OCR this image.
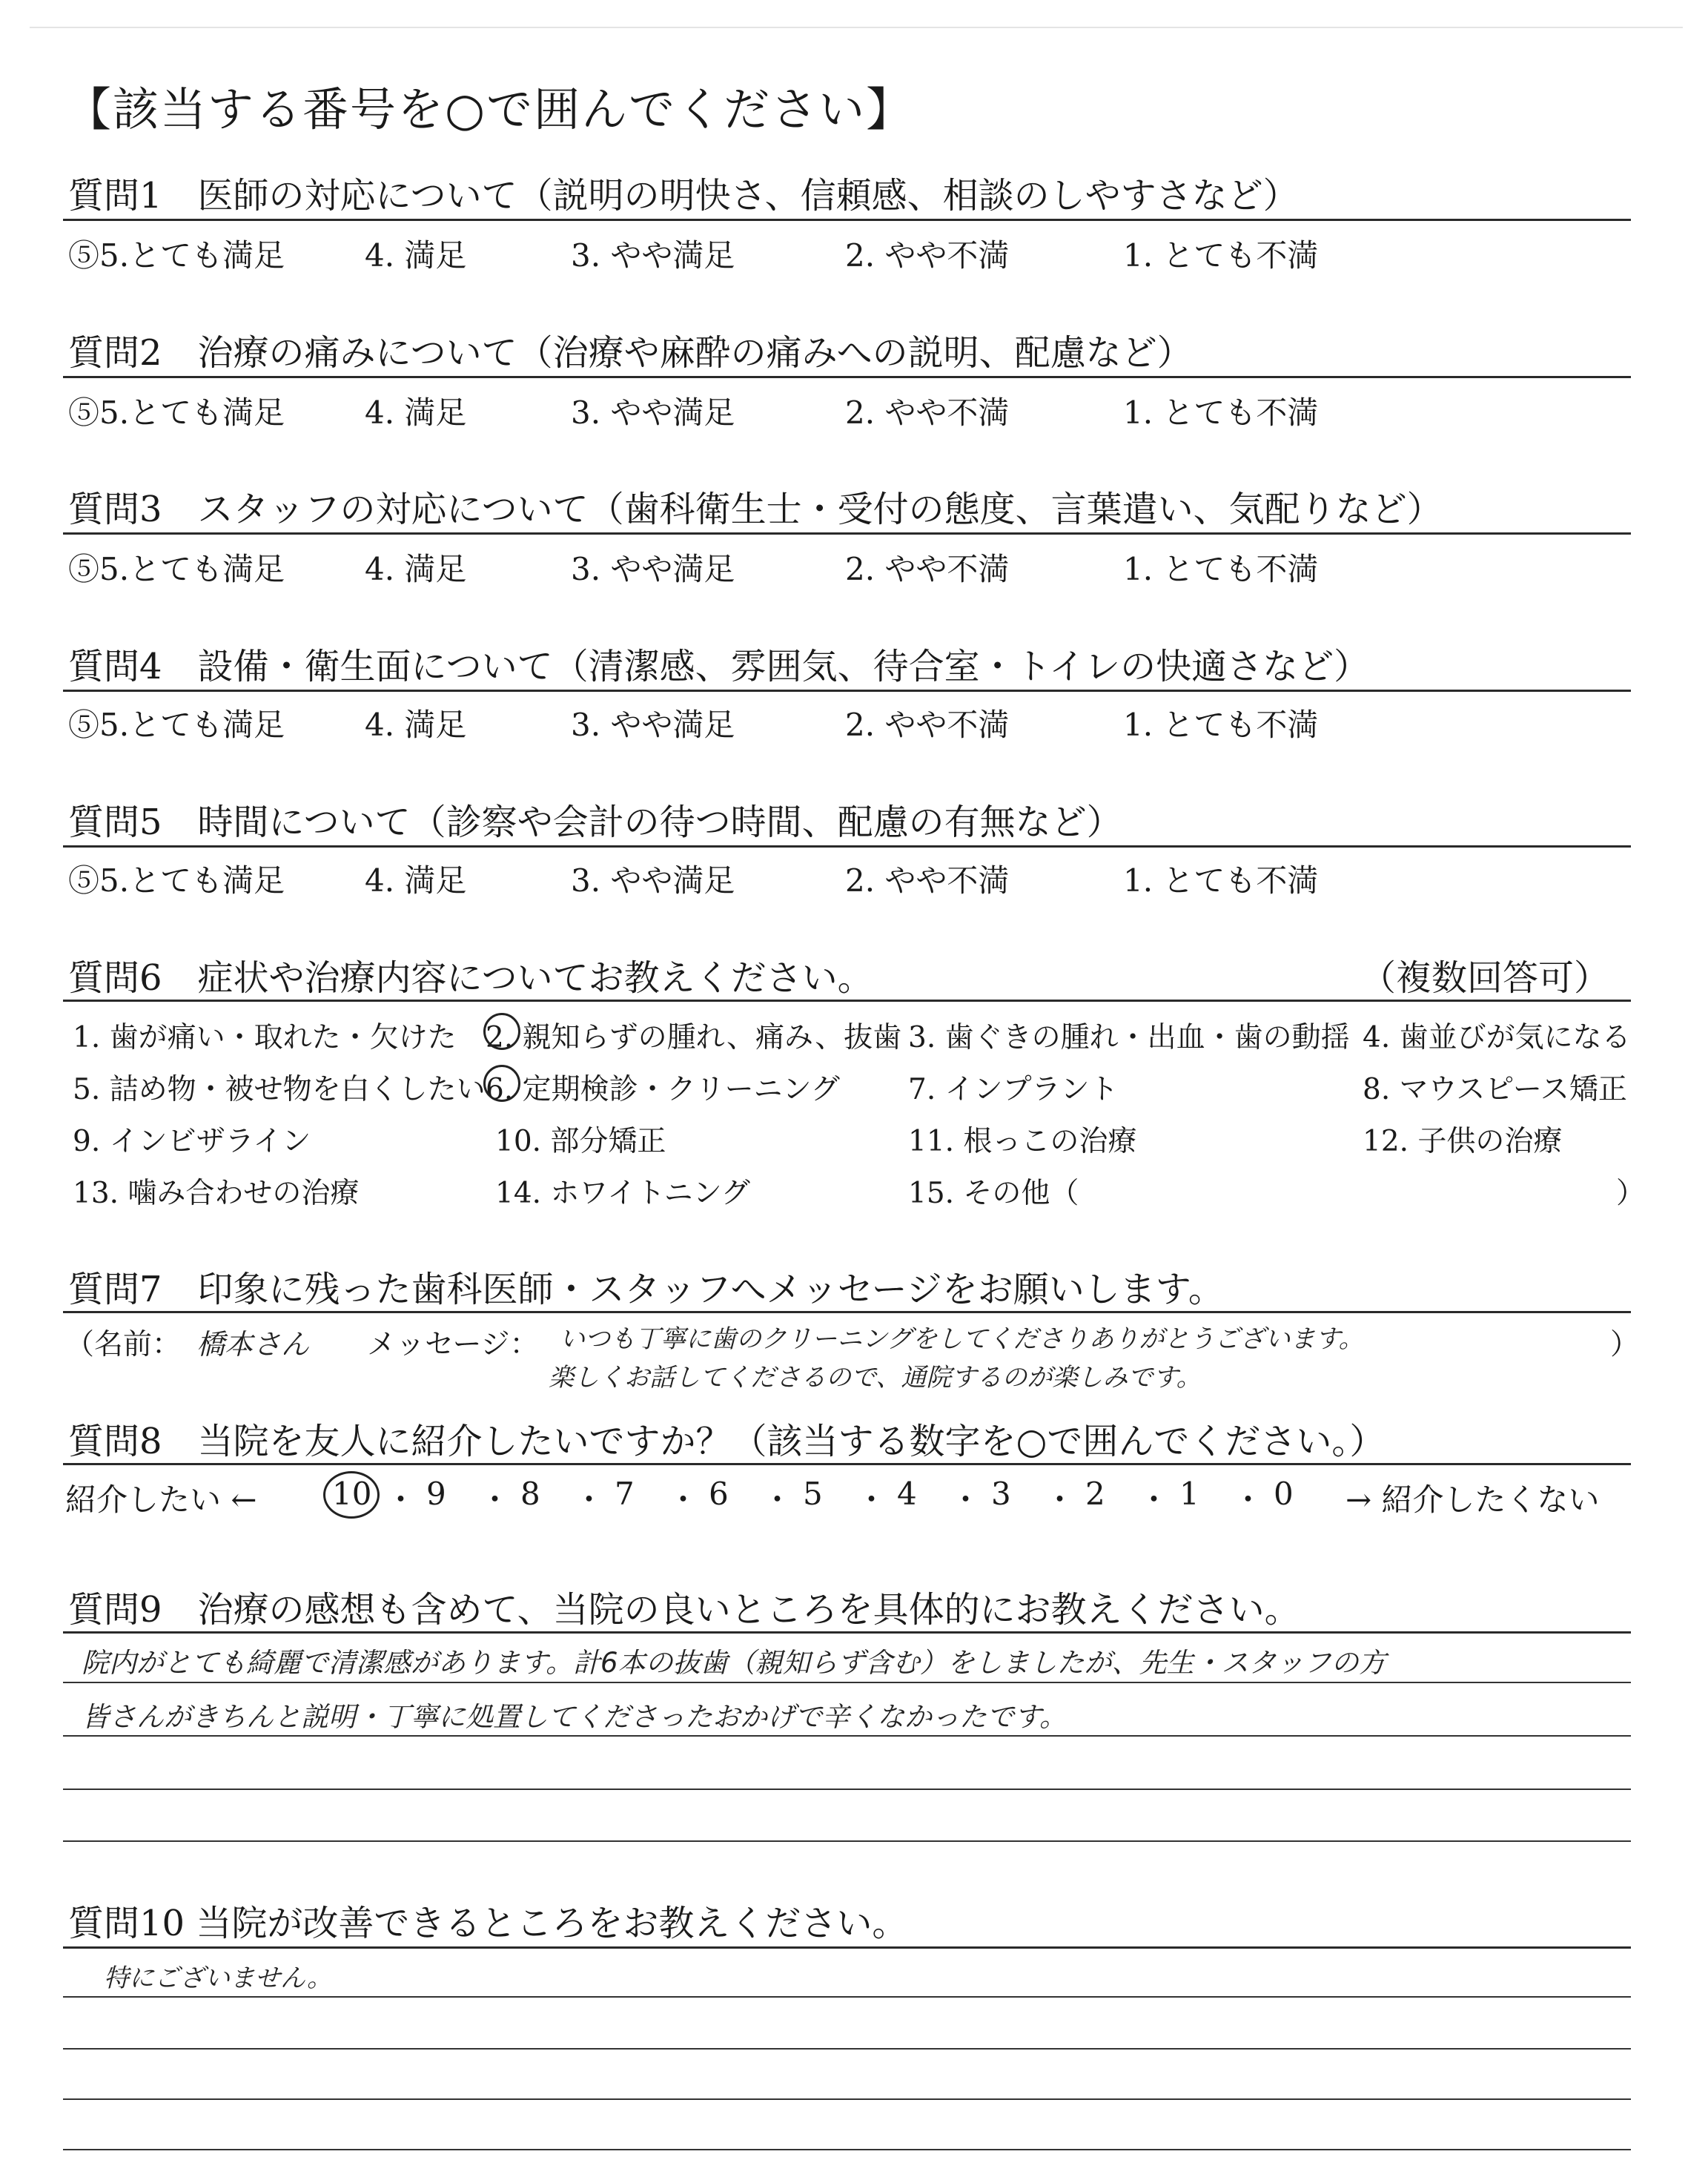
【該当する番号を○で囲んでください】
質問1　医師の対応について（説明の明快さ、信頼感、相談のしやすさなど）
⑤5.とても満足	4. 満足	3. やや満足	2. やや不満	1. とても不満
質問2　治療の痛みについて（治療や麻酔の痛みへの説明、配慮など）
⑤5.とても満足	4. 満足	3. やや満足	2. やや不満	1. とても不満
質問3　スタッフの対応について（歯科衛生士・受付の態度、言葉遣い、気配りなど）
⑤5.とても満足	4. 満足	3. やや満足	2. やや不満	1. とても不満
質問4　設備・衛生面について（清潔感、雰囲気、待合室・トイレの快適さなど）
⑤5.とても満足	4. 満足	3. やや満足	2. やや不満	1. とても不満
質問5　時間について（診察や会計の待つ時間、配慮の有無など）
⑤5.とても満足	4. 満足	3. やや満足	2. やや不満	1. とても不満
質問6　症状や治療内容についてお教えください。	（複数回答可）
1. 歯が痛い・取れた・欠けた 2. 親知らずの腫れ、痛み、抜歯 3. 歯ぐきの腫れ・出血・歯の動揺 4. 歯並びが気になる
5. 詰め物・被せ物を白くしたい 6. 定期検診・クリーニング 7. インプラント	8. マウスピース矯正
9. インビザライン	10. 部分矯正	11. 根っこの治療	12. 子供の治療
13. 噛み合わせの治療	14. ホワイトニング	15. その他（	）
質問7　印象に残った歯科医師・スタッフへメッセージをお願いします。
（名前： 橋本さん メッセージ： いつも丁寧に歯のクリーニングをしてくださりありがとうございます。
楽しくお話してくださるので、通院するのが楽しみです。
）
質問8　当院を友人に紹介したいですか？（該当する数字を○で囲んでください。）
紹介したい ←	→ 紹介したくない
10 ・ 9 ・ 8 ・ 7 ・ 6 ・ 5 ・ 4 ・ 3 ・ 2 ・ 1 ・ 0
質問9　治療の感想も含めて、当院の良いところを具体的にお教えください。
院内がとても綺麗で清潔感があります。計6本の抜歯（親知らず含む）をしましたが、先生・スタッフの方
皆さんがきちんと説明・丁寧に処置してくださったおかげで辛くなかったです。
質問10 当院が改善できるところをお教えください。
特にございません。
